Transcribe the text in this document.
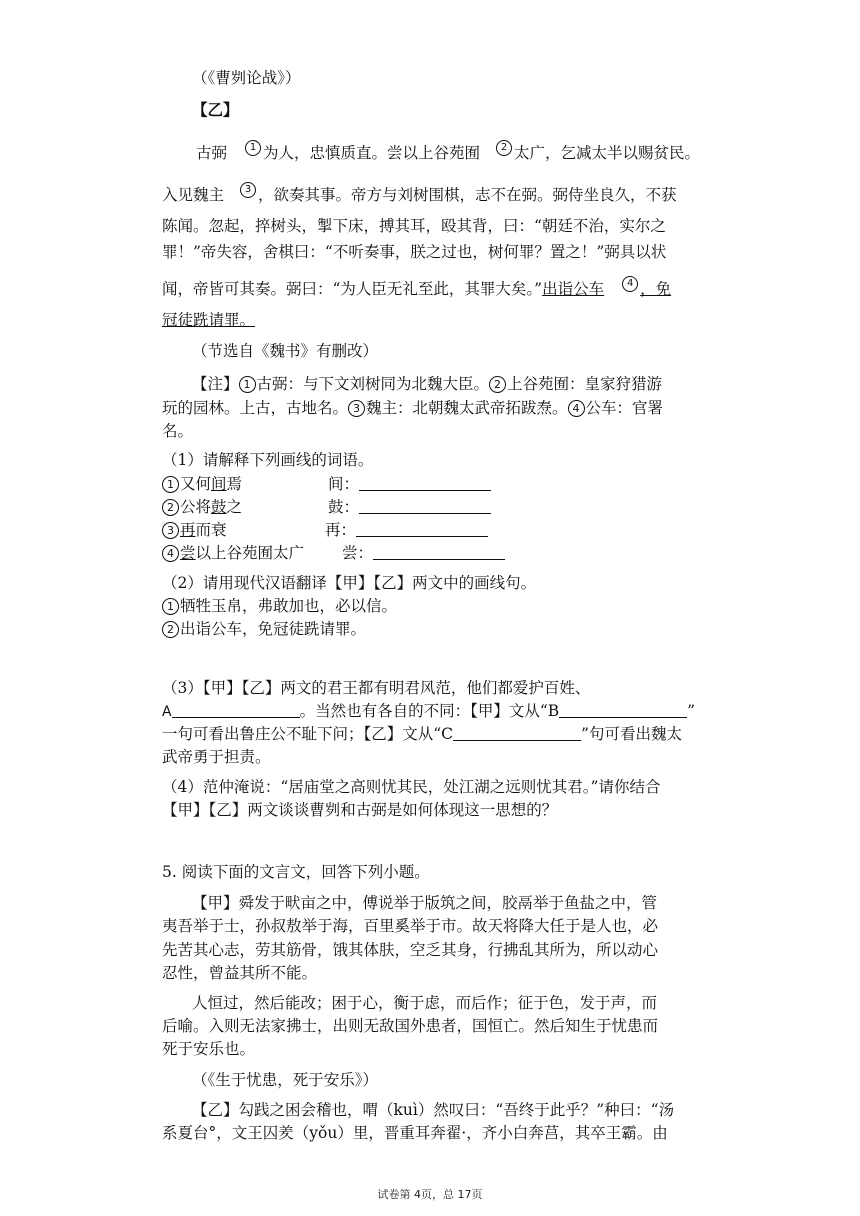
（《曹刿论战》）
【乙】
古弼 1 为人，忠慎质直。尝以上谷苑囿 2 太广，乞减太半以赐贫民。
入见魏主 3 ，欲奏其事。帝方与刘树围棋，志不在弼。弼侍坐良久，不获
陈闻。忽起，捽树头，掣下床，搏其耳，殴其背，曰：“朝廷不治，实尔之
罪！”帝失容，舍棋曰：“不听奏事，朕之过也，树何罪？置之！”弼具以状
闻，帝皆可其奏。弼曰：“为人臣无礼至此，其罪大矣。”出诣公车 4 ，免
冠徒跣请罪。
（节选自《魏书》有删改）
【注】 1 古弼：与下文刘树同为北魏大臣。 2 上谷苑囿：皇家狩猎游
玩的园林。上古，古地名。 3 魏主：北朝魏太武帝拓跋焘。 4 公车：官署
名。
（1）请解释下列画线的词语。
1 又何间焉	间：
2 公将鼓之	鼓：
3 再而衰	再：
4 尝以上谷苑囿太广 尝：
（2）请用现代汉语翻译【甲】【乙】两文中的画线句。
1 牺牲玉帛，弗敢加也，必以信。
2 出诣公车，免冠徒跣请罪。
（3）【甲】【乙】两文的君王都有明君风范，他们都爱护百姓、
A	。当然也有各自的不同：【甲】文从“B	”
一句可看出鲁庄公不耻下问；【乙】文从“C	”句可看出魏太
武帝勇于担责。
（4）范仲淹说：“居庙堂之高则忧其民，处江湖之远则忧其君。”请你结合
【甲】【乙】两文谈谈曹刿和古弼是如何体现这一思想的？
5. 阅读下面的文言文，回答下列小题。
【甲】舜发于畎亩之中，傅说举于版筑之间，胶鬲举于鱼盐之中，管
夷吾举于士，孙叔敖举于海，百里奚举于市。故天将降大任于是人也，必
先苦其心志，劳其筋骨，饿其体肤，空乏其身，行拂乱其所为，所以动心
忍性，曾益其所不能。
人恒过，然后能改；困于心，衡于虑，而后作；征于色，发于声，而
后喻。入则无法家拂士，出则无敌国外患者，国恒亡。然后知生于忧患而
死于安乐也。
（《生于忧患，死于安乐》）
【乙】勾践之困会稽也，喟（kuì）然叹曰：“吾终于此乎？”种曰：“汤
系夏台°，文王囚羑（yǒu）里，晋重耳奔翟·，齐小白奔莒，其卒王霸。由
试卷第 4页，总 17页
